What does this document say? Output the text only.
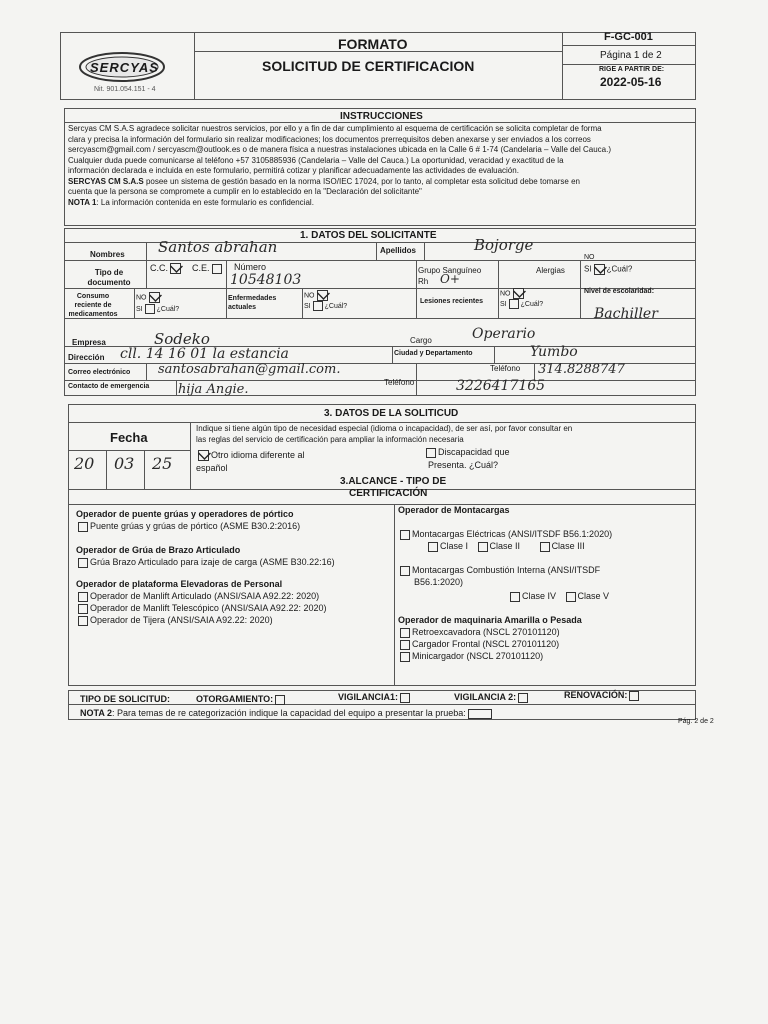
SERCYAS
Nit. 901.054.151 - 4
FORMATO
SOLICITUD DE CERTIFICACION
F-GC-001
Página 1 de 2
RIGE A PARTIR DE:
2022-05-16
INSTRUCCIONES
Sercyas CM S.A.S agradece solicitar nuestros servicios, por ello y a fin de dar cumplimiento al esquema de certificación se solicita completar de forma
clara y precisa la información del formulario sin realizar modificaciones; los documentos prerrequisitos deben anexarse y ser enviados a los correos
sercyascm@gmail.com / sercyascm@outlook.es o de manera física a nuestras instalaciones ubicada en la Calle 6 # 1-74 (Candelaria – Valle del Cauca.)
Cualquier duda puede comunicarse al teléfono +57 3105885936 (Candelaria – Valle del Cauca.) La oportunidad, veracidad y exactitud de la
información declarada e incluida en este formulario, permitirá cotizar y planificar adecuadamente las actividades de evaluación.
SERCYAS CM S.A.S posee un sistema de gestión basado en la norma ISO/IEC 17024, por lo tanto, al completar esta solicitud debe tomarse en
cuenta que la persona se compromete a cumplir en lo establecido en la "Declaración del solicitante"
NOTA 1: La información contenida en este formulario es confidencial.
1. DATOS DEL SOLICITANTE
Nombres Santos abrahan	Apellidos	Bojorge
Tipo de documento
C.C.	C.E.	Número
10548103
Grupo Sanguíneo
Rh O+
Alergias
NO
SI ¿Cuál?
Consumo reciente de medicamentos
NO
SI ¿Cuál?
Enfermedades actuales
NO
SI ¿Cuál?
Lesiones recientes
NO
SI ¿Cuál?
Nivel de escolaridad:
Bachiller
Empresa	Sodeko	Cargo	Operario
Dirección cll. 14 16 01 la estancia	Ciudad y Departamento	Yumbo
Correo electrónico santosabrahan@gmail.com.	Teléfono 314.8288747
Contacto de emergencia hija Angie.	Teléfono	3226417165
3. DATOS DE LA SOLITICUD
Fecha
20 03 25
Indique si tiene algún tipo de necesidad especial (idioma o incapacidad), de ser así, por favor consultar en
las reglas del servicio de certificación para ampliar la información necesaria
Otro idioma diferente al
español
Discapacidad que
Presenta. ¿Cuál?
3.ALCANCE - TIPO DE
CERTIFICACIÓN
Operador de puente grúas y operadores de pórtico
Puente grúas y grúas de pórtico (ASME B30.2:2016)
Operador de Grúa de Brazo Articulado
Grúa Brazo Articulado para izaje de carga (ASME B30.22:16)
Operador de plataforma Elevadoras de Personal
Operador de Manlift Articulado (ANSI/SAIA A92.22: 2020)
Operador de Manlift Telescópico (ANSI/SAIA A92.22: 2020)
Operador de Tijera (ANSI/SAIA A92.22: 2020)
Operador de Montacargas
Montacargas Eléctricas (ANSI/ITSDF B56.1:2020)
Clase I Clase II	Clase III
Montacargas Combustión Interna (ANSI/ITSDF
B56.1:2020)
Clase IV Clase V
Operador de maquinaria Amarilla o Pesada
Retroexcavadora (NSCL 270101120)
Cargador Frontal (NSCL 270101120)
Minicargador (NSCL 270101120)
TIPO DE SOLICITUD:	OTORGAMIENTO:	VIGILANCIA1:	VIGILANCIA 2:	RENOVACIÓN:
NOTA 2: Para temas de re categorización indique la capacidad del equipo a presentar la prueba:
Pág. 2 de 2
